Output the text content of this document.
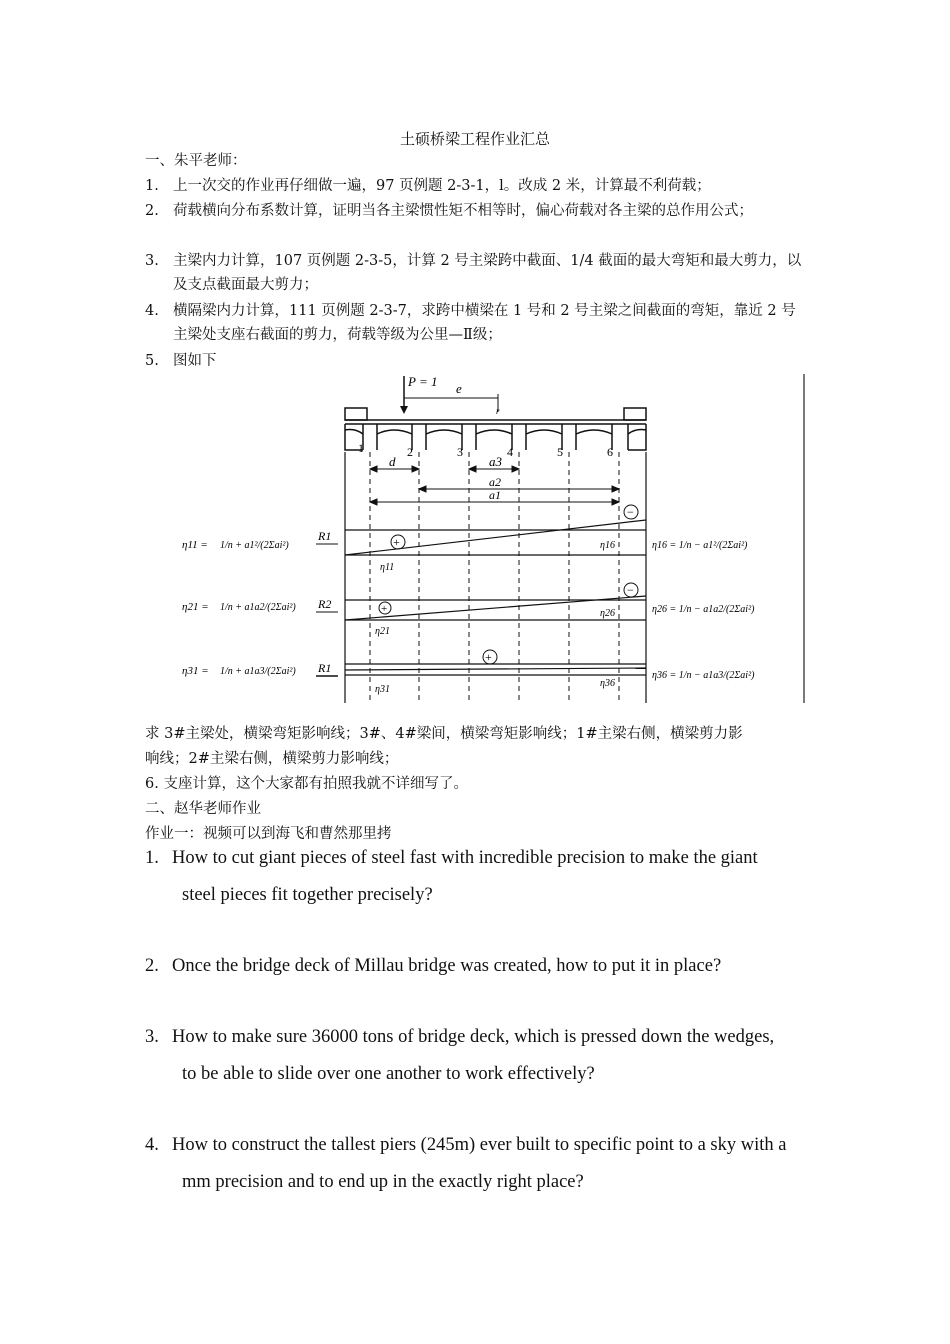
土硕桥梁工程作业汇总
一、朱平老师：
1. 上一次交的作业再仔细做一遍，97 页例题 2-3-1，l。改成 2 米，计算最不利荷载；
2. 荷载横向分布系数计算，证明当各主梁惯性矩不相等时，偏心荷载对各主梁的总作用公式；
3. 主梁内力计算，107 页例题 2-3-5，计算 2 号主梁跨中截面、1/4 截面的最大弯矩和最大剪力，以及支点截面最大剪力；
4. 横隔梁内力计算，111 页例题 2-3-7，求跨中横梁在 1 号和 2 号主梁之间截面的弯矩，靠近 2 号主梁处支座右截面的剪力，荷载等级为公里—Ⅱ级；
5. 图如下
P = 1 e
r
1	2	3	4	5	6
d	a3
a2
a1
+
−
R1
η11
η16
η11 = 1/n + a1²/(2Σai²)	η16 = 1/n − a1²/(2Σai²)
+
−
R2
η21
η26
η21 = 1/n + a1a2/(2Σai²)	η26 = 1/n − a1a2/(2Σai²)
+
R1
η31
η36
η31 = 1/n + a1a3/(2Σai²)	η36 = 1/n − a1a3/(2Σai²)
求 3#主梁处，横梁弯矩影响线；3#、4#梁间，横梁弯矩影响线；1#主梁右侧，横梁剪力影
响线；2#主梁右侧，横梁剪力影响线；
6. 支座计算，这个大家都有拍照我就不详细写了。
二、赵华老师作业
作业一：视频可以到海飞和曹然那里拷
1. How to cut giant pieces of steel fast with incredible precision to make the giant
steel pieces fit together precisely?
2. Once the bridge deck of Millau bridge was created, how to put it in place?
3. How to make sure 36000 tons of bridge deck, which is pressed down the wedges,
to be able to slide over one another to work effectively?
4. How to construct the tallest piers (245m) ever built to specific point to a sky with a
mm precision and to end up in the exactly right place?
